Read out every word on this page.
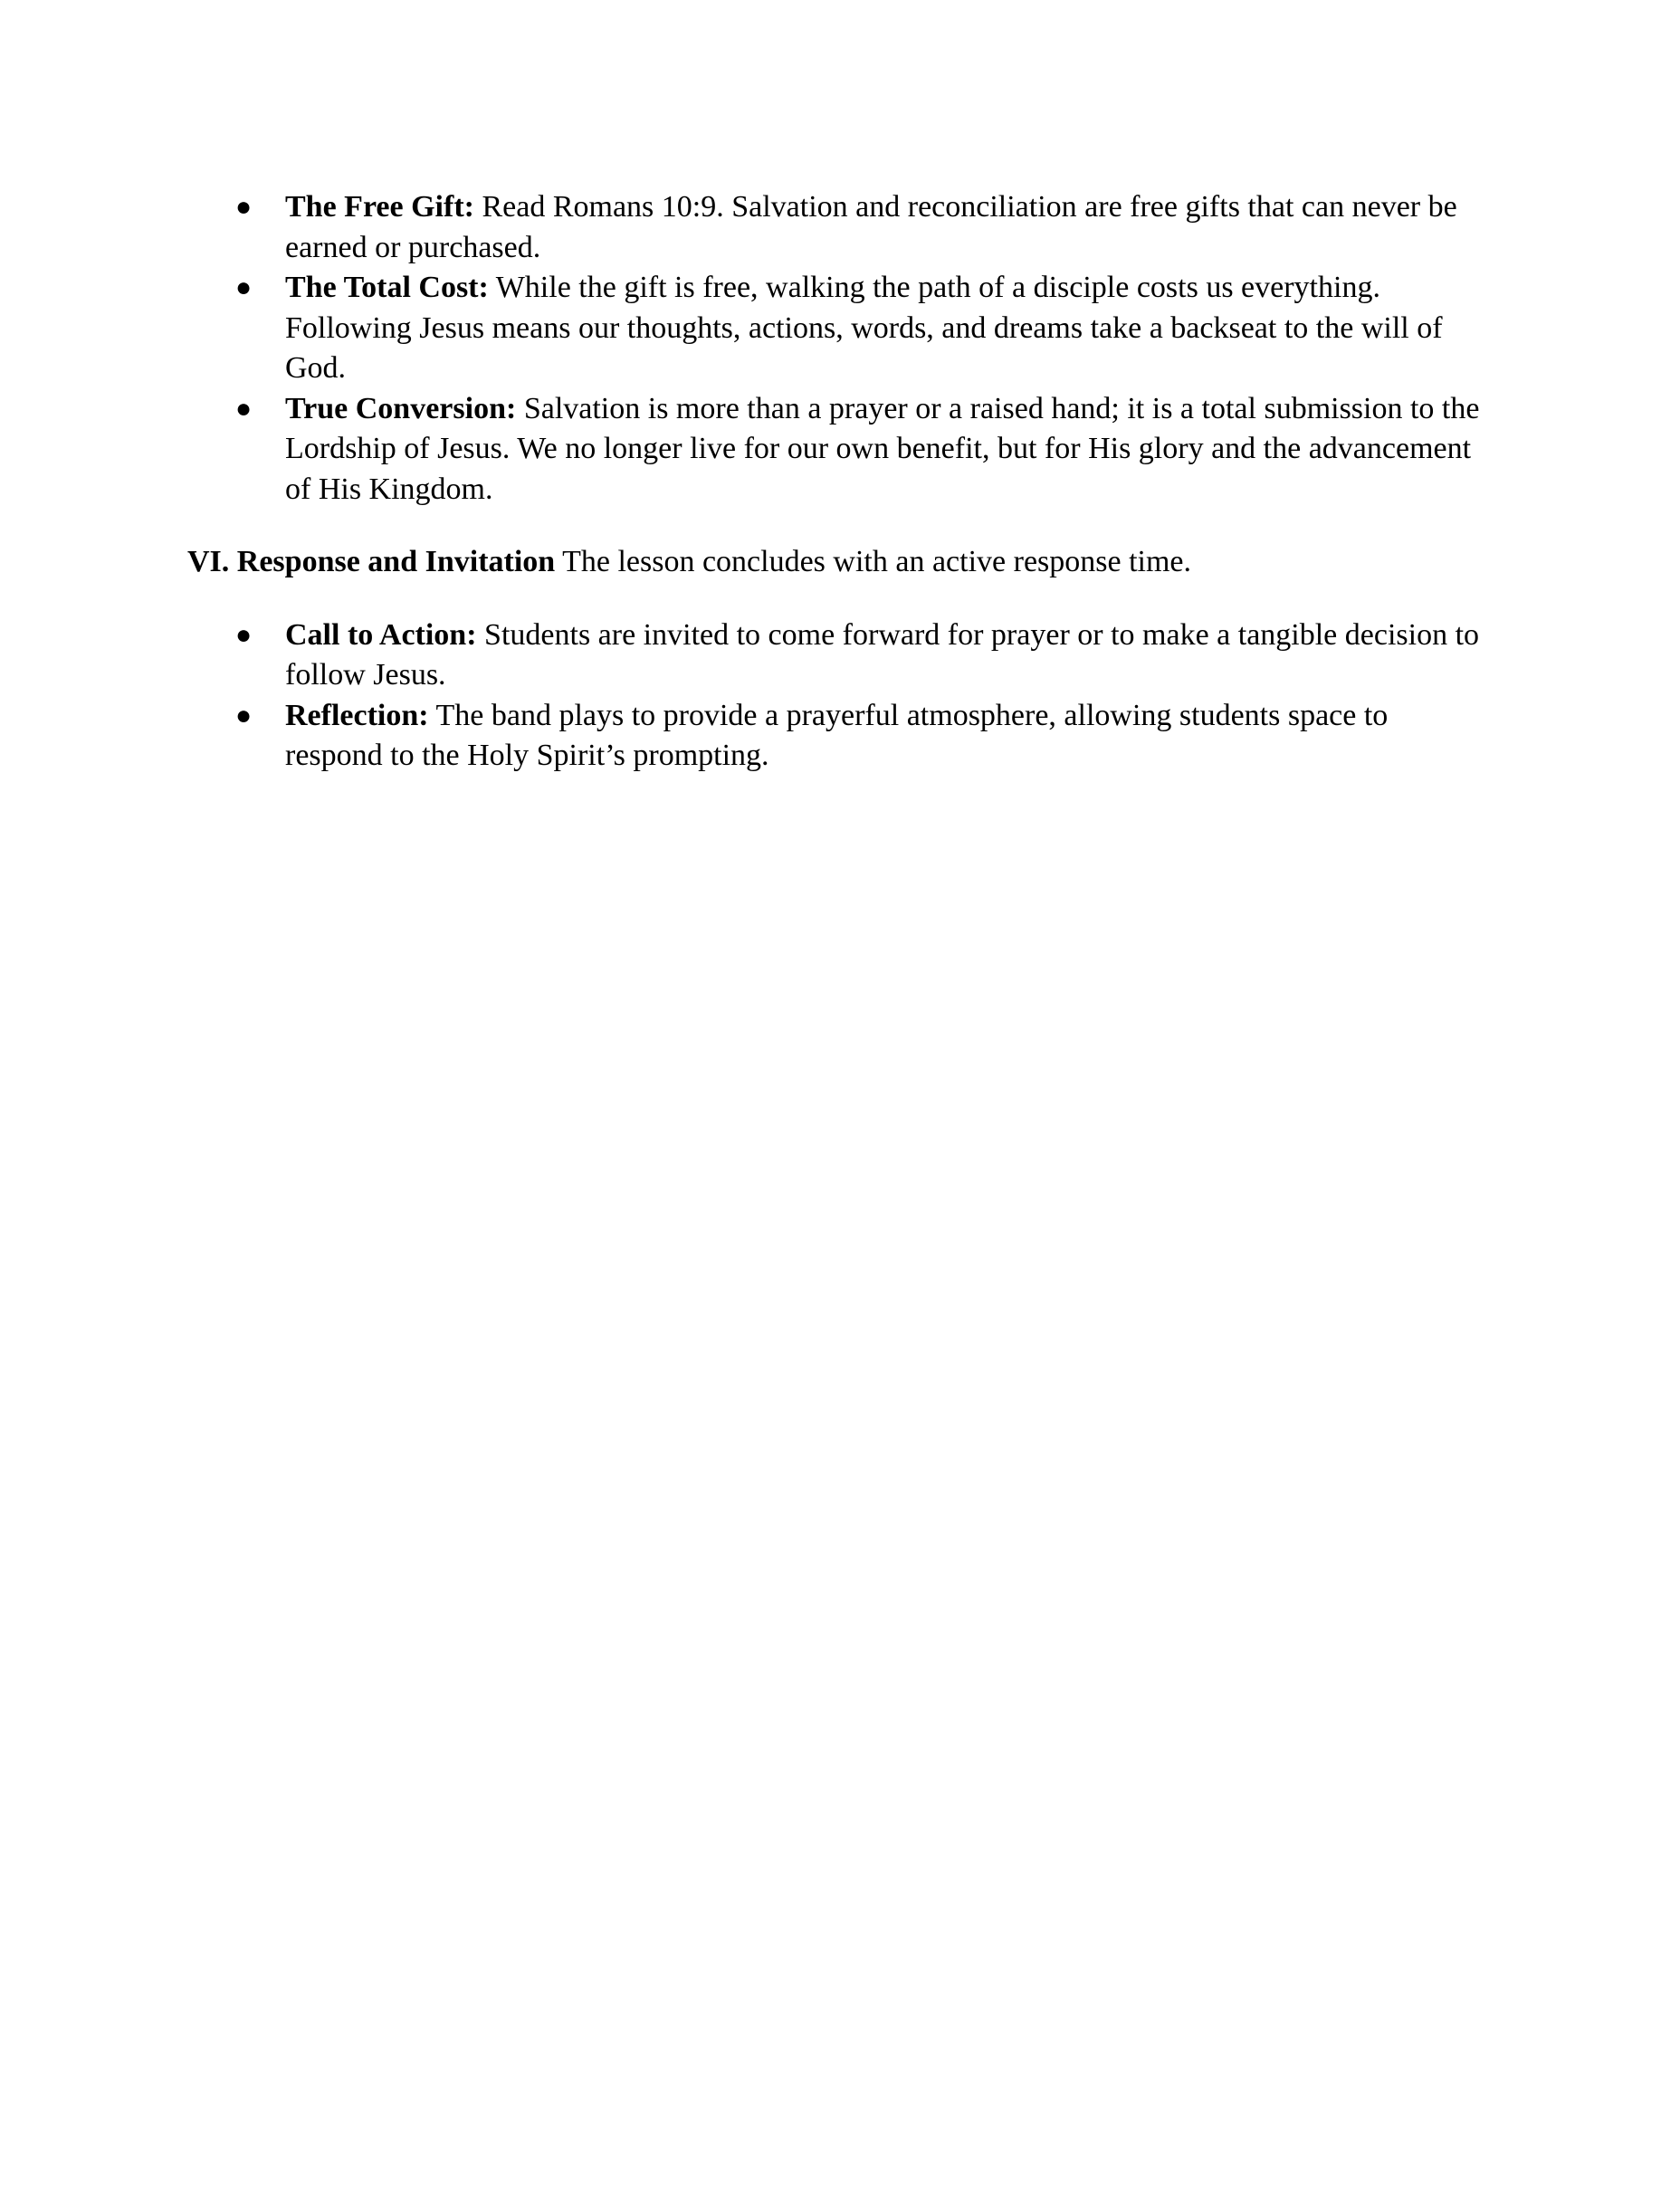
● The Free Gift: Read Romans 10:9. Salvation and reconciliation are free gifts that can never be earned or purchased.
● The Total Cost: While the gift is free, walking the path of a disciple costs us everything. Following Jesus means our thoughts, actions, words, and dreams take a backseat to the will of God.
● True Conversion: Salvation is more than a prayer or a raised hand; it is a total submission to the Lordship of Jesus. We no longer live for our own benefit, but for His glory and the advancement of His Kingdom.

VI. Response and Invitation The lesson concludes with an active response time.

● Call to Action: Students are invited to come forward for prayer or to make a tangible decision to follow Jesus.
● Reflection: The band plays to provide a prayerful atmosphere, allowing students space to respond to the Holy Spirit’s prompting.
